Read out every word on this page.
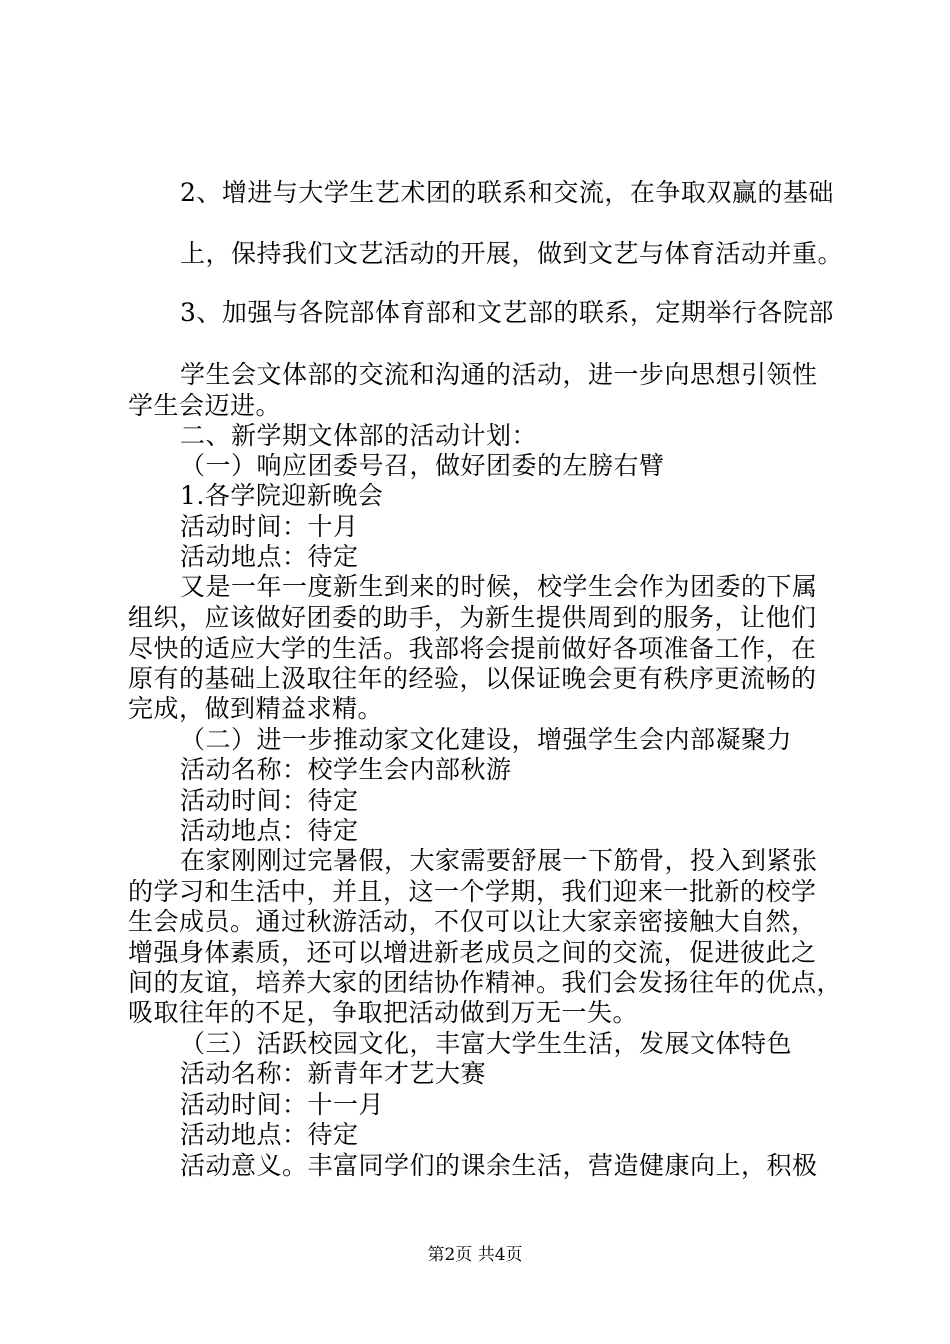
2、增进与大学生艺术团的联系和交流，在争取双赢的基础
上，保持我们文艺活动的开展，做到文艺与体育活动并重。
3、加强与各院部体育部和文艺部的联系，定期举行各院部
学生会文体部的交流和沟通的活动，进一步向思想引领性
学生会迈进。
二、新学期文体部的活动计划：
（一）响应团委号召，做好团委的左膀右臂
1.各学院迎新晚会
活动时间：十月
活动地点：待定
又是一年一度新生到来的时候，校学生会作为团委的下属
组织，应该做好团委的助手，为新生提供周到的服务，让他们
尽快的适应大学的生活。我部将会提前做好各项准备工作，在
原有的基础上汲取往年的经验，以保证晚会更有秩序更流畅的
完成，做到精益求精。
（二）进一步推动家文化建设，增强学生会内部凝聚力
活动名称：校学生会内部秋游
活动时间：待定
活动地点：待定
在家刚刚过完暑假，大家需要舒展一下筋骨，投入到紧张
的学习和生活中，并且，这一个学期，我们迎来一批新的校学
生会成员。通过秋游活动，不仅可以让大家亲密接触大自然，
增强身体素质，还可以增进新老成员之间的交流，促进彼此之
间的友谊，培养大家的团结协作精神。我们会发扬往年的优点，
吸取往年的不足，争取把活动做到万无一失。
（三）活跃校园文化，丰富大学生生活，发展文体特色
活动名称：新青年才艺大赛
活动时间：十一月
活动地点：待定
活动意义。丰富同学们的课余生活，营造健康向上，积极
第2页 共4页
